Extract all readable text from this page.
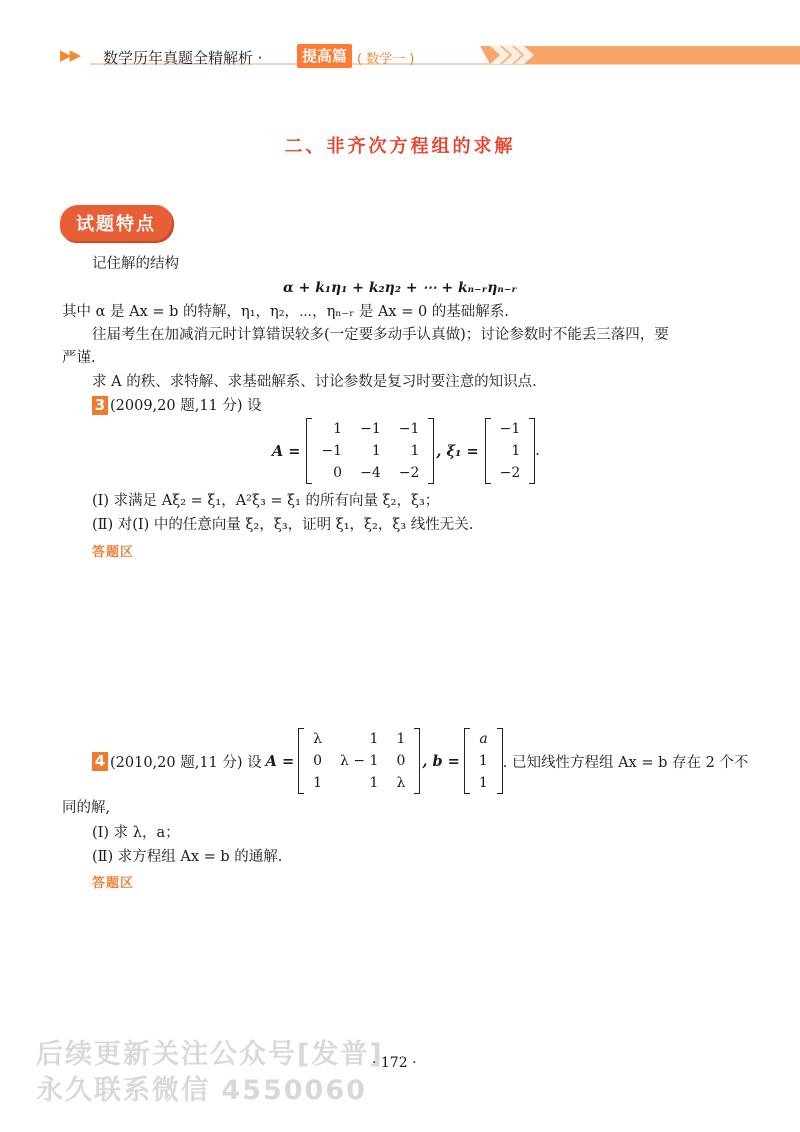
▶▶ 数学历年真题全精解析 ·	提高篇 ( 数学一 )
二、非齐次方程组的求解
试题特点
记住解的结构
α + k₁η₁ + k₂η₂ + ⋯ + kₙ₋ᵣηₙ₋ᵣ
其中 α 是 Ax = b 的特解，η₁，η₂，⋯，ηₙ₋ᵣ 是 Ax = 0 的基础解系.
往届考生在加减消元时计算错误较多(一定要多动手认真做)；讨论参数时不能丢三落四，要
严谨.
求 A 的秩、求特解、求基础解系、讨论参数是复习时要注意的知识点.
3 (2009,20 题,11 分) 设
A =
1	−1	−1
−1	1	1
0	−4	−2
, ξ₁ =
−1
1
−2
.
(Ⅰ) 求满足 Aξ₂ = ξ₁，A²ξ₃ = ξ₁ 的所有向量 ξ₂，ξ₃；
(Ⅱ) 对(Ⅰ) 中的任意向量 ξ₂，ξ₃，证明 ξ₁，ξ₂，ξ₃ 线性无关.
答题区
4 (2010,20 题,11 分) 设 A =
λ	1	1
0	λ − 1	0
1	1	λ
, b =
a
1
1
. 已知线性方程组 Ax = b 存在 2 个不
同的解,
(Ⅰ) 求 λ，a；
(Ⅱ) 求方程组 Ax = b 的通解.
答题区
· 172 ·
后续更新关注公众号[发普]
永久联系微信 4550060
